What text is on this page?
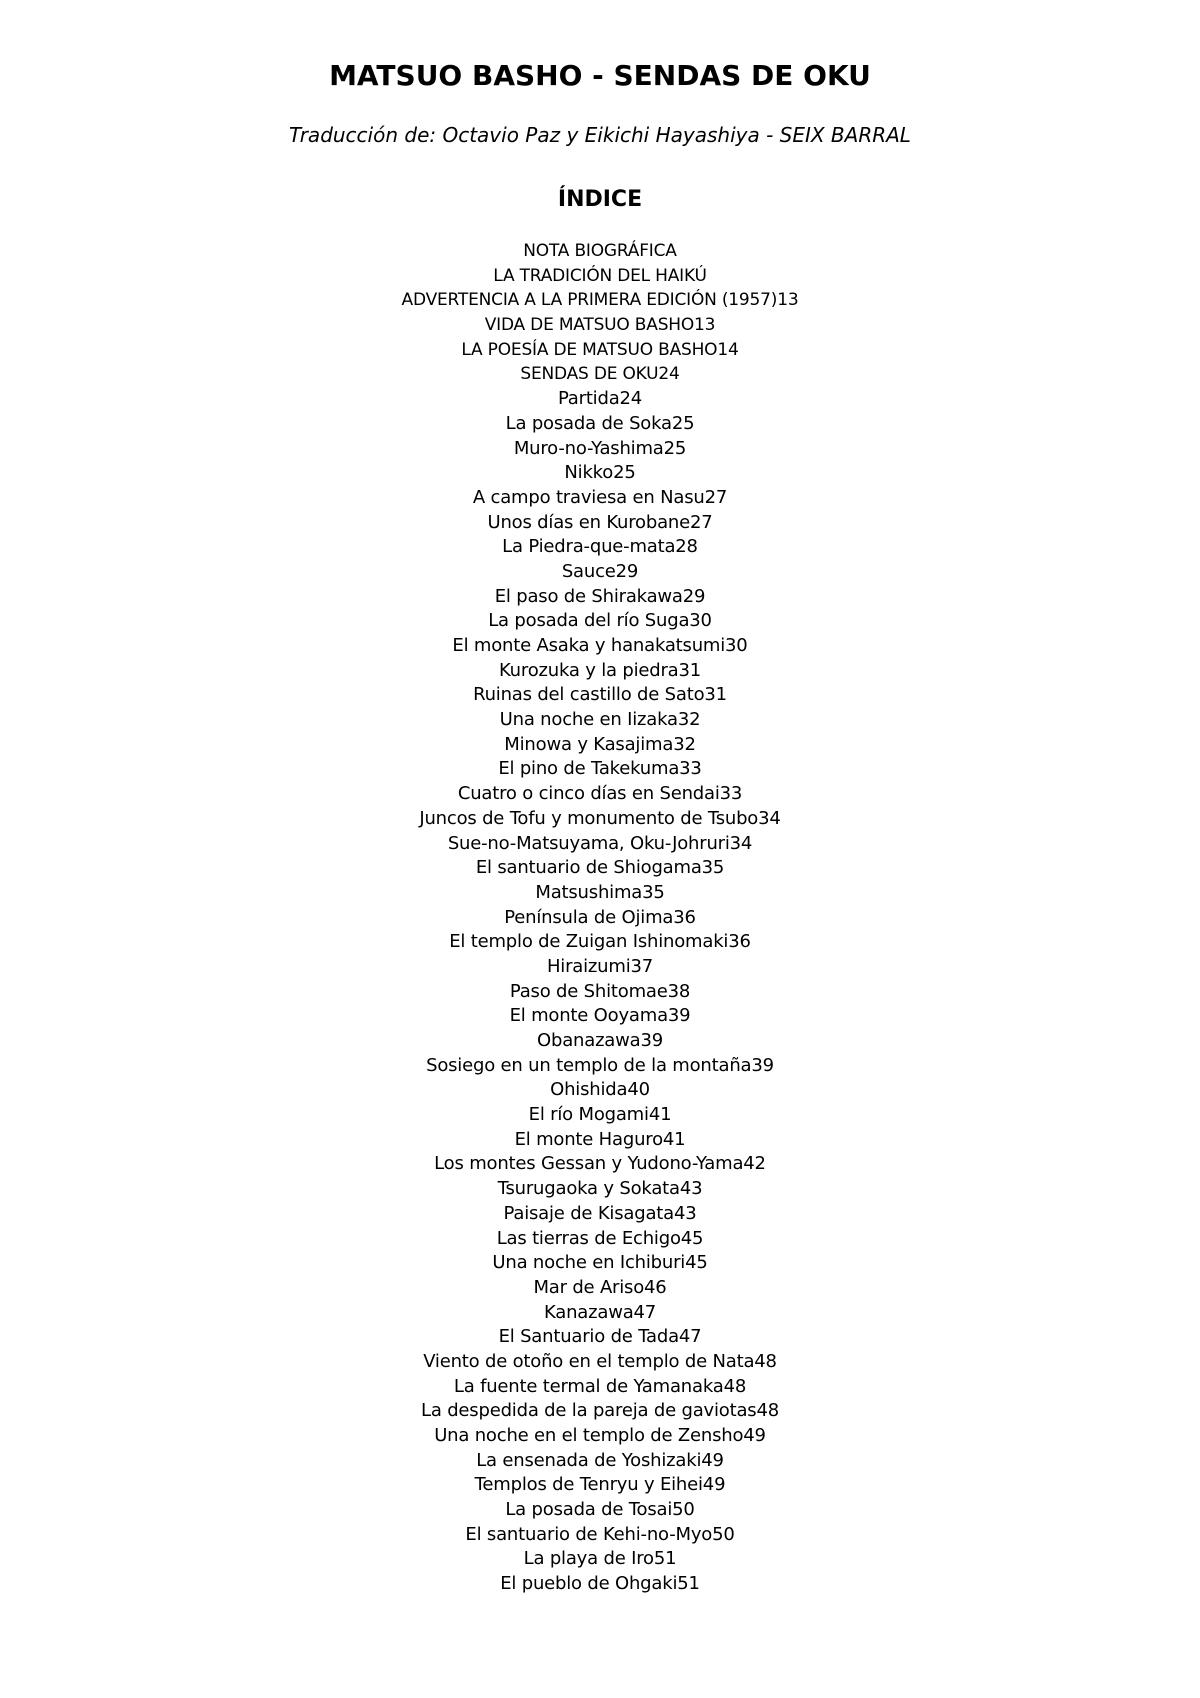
MATSUO BASHO - SENDAS DE OKU

Traducción de: Octavio Paz y Eikichi Hayashiya - SEIX BARRAL

ÍNDICE
NOTA BIOGRÁFICA
LA TRADICIÓN DEL HAIKÚ
ADVERTENCIA A LA PRIMERA EDICIÓN (1957)13
VIDA DE MATSUO BASHO13
LA POESÍA DE MATSUO BASHO14
SENDAS DE OKU24
Partida24
La posada de Soka25
Muro-no-Yashima25
Nikko25
A campo traviesa en Nasu27
Unos días en Kurobane27
La Piedra-que-mata28
Sauce29
El paso de Shirakawa29
La posada del río Suga30
El monte Asaka y hanakatsumi30
Kurozuka y la piedra31
Ruinas del castillo de Sato31
Una noche en Iizaka32
Minowa y Kasajima32
El pino de Takekuma33
Cuatro o cinco días en Sendai33
Juncos de Tofu y monumento de Tsubo34
Sue-no-Matsuyama, Oku-Johruri34
El santuario de Shiogama35
Matsushima35
Península de Ojima36
El templo de Zuigan Ishinomaki36
Hiraizumi37
Paso de Shitomae38
El monte Ooyama39
Obanazawa39
Sosiego en un templo de la montaña39
Ohishida40
El río Mogami41
El monte Haguro41
Los montes Gessan y Yudono-Yama42
Tsurugaoka y Sokata43
Paisaje de Kisagata43
Las tierras de Echigo45
Una noche en Ichiburi45
Mar de Ariso46
Kanazawa47
El Santuario de Tada47
Viento de otoño en el templo de Nata48
La fuente termal de Yamanaka48
La despedida de la pareja de gaviotas48
Una noche en el templo de Zensho49
La ensenada de Yoshizaki49
Templos de Tenryu y Eihei49
La posada de Tosai50
El santuario de Kehi-no-Myo50
La playa de Iro51
El pueblo de Ohgaki51
